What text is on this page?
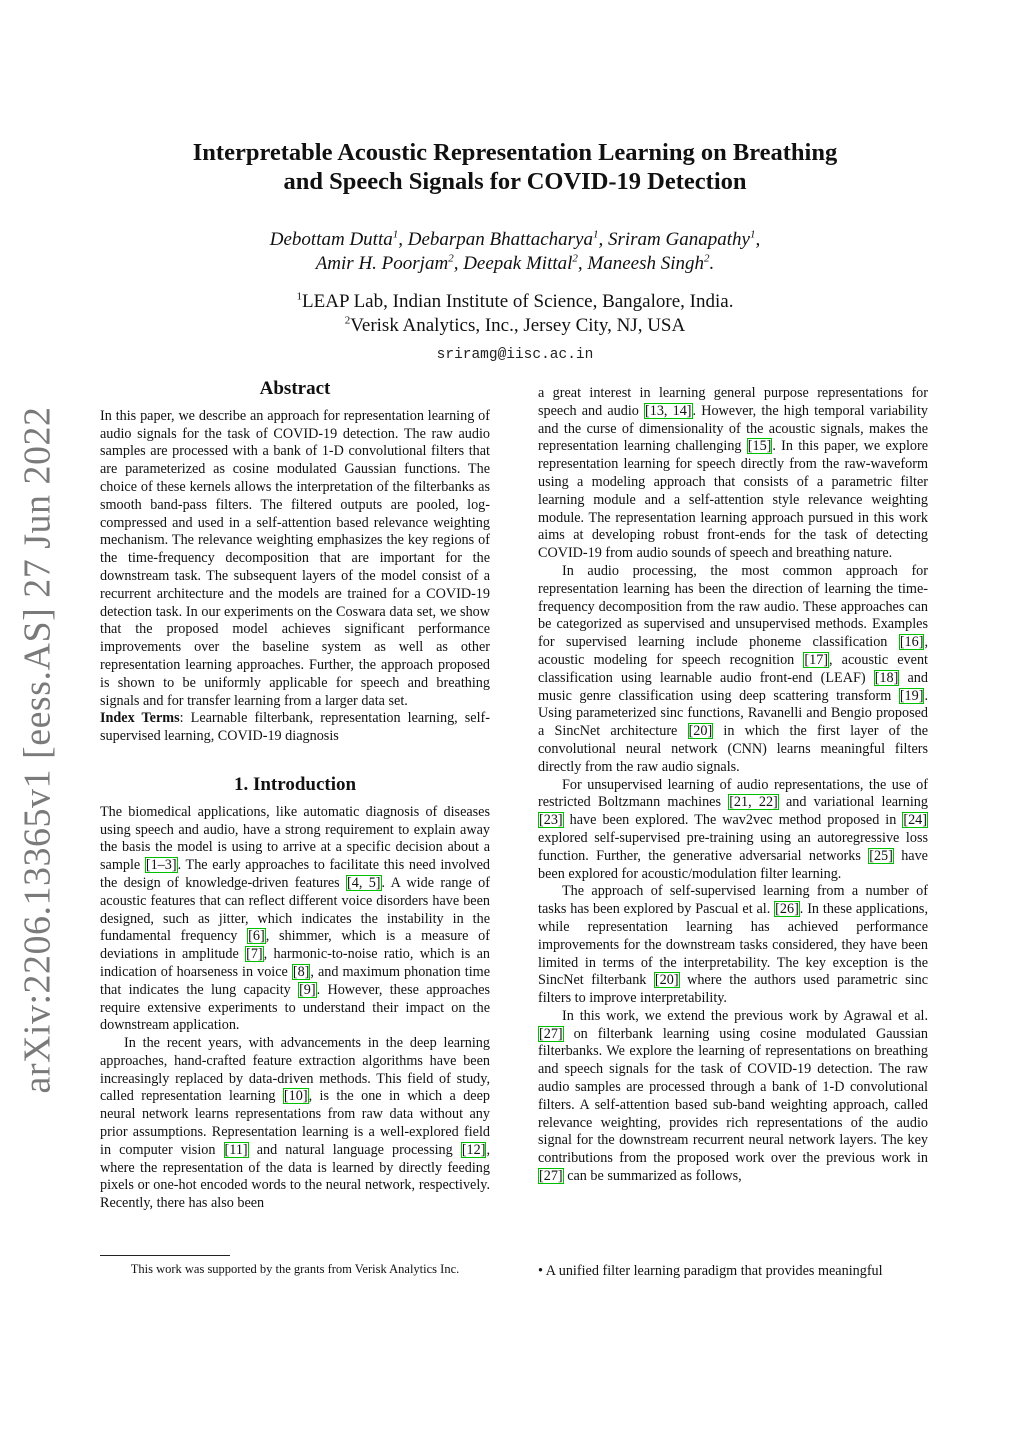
arXiv:2206.13365v1 [eess.AS] 27 Jun 2022
Interpretable Acoustic Representation Learning on Breathing
and Speech Signals for COVID-19 Detection
Debottam Dutta$^1$, Debarpan Bhattacharya$^1$, Sriram Ganapathy$^1$,
Amir H. Poorjam$^2$, Deepak Mittal$^2$, Maneesh Singh$^2$.
$^1$LEAP Lab, Indian Institute of Science, Bangalore, India.
$^2$Verisk Analytics, Inc., Jersey City, NJ, USA
sriramg@iisc.ac.in
Abstract

In this paper, we describe an approach for representation learning of audio signals for the task of COVID-19 detection. The raw audio samples are processed with a bank of 1-D convolutional filters that are parameterized as cosine modulated Gaussian functions. The choice of these kernels allows the interpretation of the filterbanks as smooth band-pass filters. The filtered outputs are pooled, log-compressed and used in a self-attention based relevance weighting mechanism. The relevance weighting emphasizes the key regions of the time-frequency decomposition that are important for the downstream task. The subsequent layers of the model consist of a recurrent architecture and the models are trained for a COVID-19 detection task. In our experiments on the Coswara data set, we show that the proposed model achieves significant performance improvements over the baseline system as well as other representation learning approaches. Further, the approach proposed is shown to be uniformly applicable for speech and breathing signals and for transfer learning from a larger data set.

Index Terms: Learnable filterbank, representation learning, self-supervised learning, COVID-19 diagnosis

1. Introduction

The biomedical applications, like automatic diagnosis of diseases using speech and audio, have a strong requirement to explain away the basis the model is using to arrive at a specific decision about a sample [1–3]. The early approaches to facilitate this need involved the design of knowledge-driven features [4, 5]. A wide range of acoustic features that can reflect different voice disorders have been designed, such as jitter, which indicates the instability in the fundamental frequency [6], shimmer, which is a measure of deviations in amplitude [7], harmonic-to-noise ratio, which is an indication of hoarseness in voice [8], and maximum phonation time that indicates the lung capacity [9]. However, these approaches require extensive experiments to understand their impact on the downstream application.

In the recent years, with advancements in the deep learning approaches, hand-crafted feature extraction algorithms have been increasingly replaced by data-driven methods. This field of study, called representation learning [10], is the one in which a deep neural network learns representations from raw data without any prior assumptions. Representation learning is a well-explored field in computer vision [11] and natural language processing [12], where the representation of the data is learned by directly feeding pixels or one-hot encoded words to the neural network, respectively. Recently, there has also been

This work was supported by the grants from Verisk Analytics Inc.

a great interest in learning general purpose representations for speech and audio [13, 14]. However, the high temporal variability and the curse of dimensionality of the acoustic signals, makes the representation learning challenging [15]. In this paper, we explore representation learning for speech directly from the raw-waveform using a modeling approach that consists of a parametric filter learning module and a self-attention style relevance weighting module. The representation learning approach pursued in this work aims at developing robust front-ends for the task of detecting COVID-19 from audio sounds of speech and breathing nature.

In audio processing, the most common approach for representation learning has been the direction of learning the time-frequency decomposition from the raw audio. These approaches can be categorized as supervised and unsupervised methods. Examples for supervised learning include phoneme classification [16], acoustic modeling for speech recognition [17], acoustic event classification using learnable audio front-end (LEAF) [18] and music genre classification using deep scattering transform [19]. Using parameterized sinc functions, Ravanelli and Bengio proposed a SincNet architecture [20] in which the first layer of the convolutional neural network (CNN) learns meaningful filters directly from the raw audio signals.

For unsupervised learning of audio representations, the use of restricted Boltzmann machines [21, 22] and variational learning [23] have been explored. The wav2vec method proposed in [24] explored self-supervised pre-training using an autoregressive loss function. Further, the generative adversarial networks [25] have been explored for acoustic/modulation filter learning.

The approach of self-supervised learning from a number of tasks has been explored by Pascual et al. [26]. In these applications, while representation learning has achieved performance improvements for the downstream tasks considered, they have been limited in terms of the interpretability. The key exception is the SincNet filterbank [20] where the authors used parametric sinc filters to improve interpretability.

In this work, we extend the previous work by Agrawal et al. [27] on filterbank learning using cosine modulated Gaussian filterbanks. We explore the learning of representations on breathing and speech signals for the task of COVID-19 detection. The raw audio samples are processed through a bank of 1-D convolutional filters. A self-attention based sub-band weighting approach, called relevance weighting, provides rich representations of the audio signal for the downstream recurrent neural network layers. The key contributions from the proposed work over the previous work in [27] can be summarized as follows,

• A unified filter learning paradigm that provides meaningful
